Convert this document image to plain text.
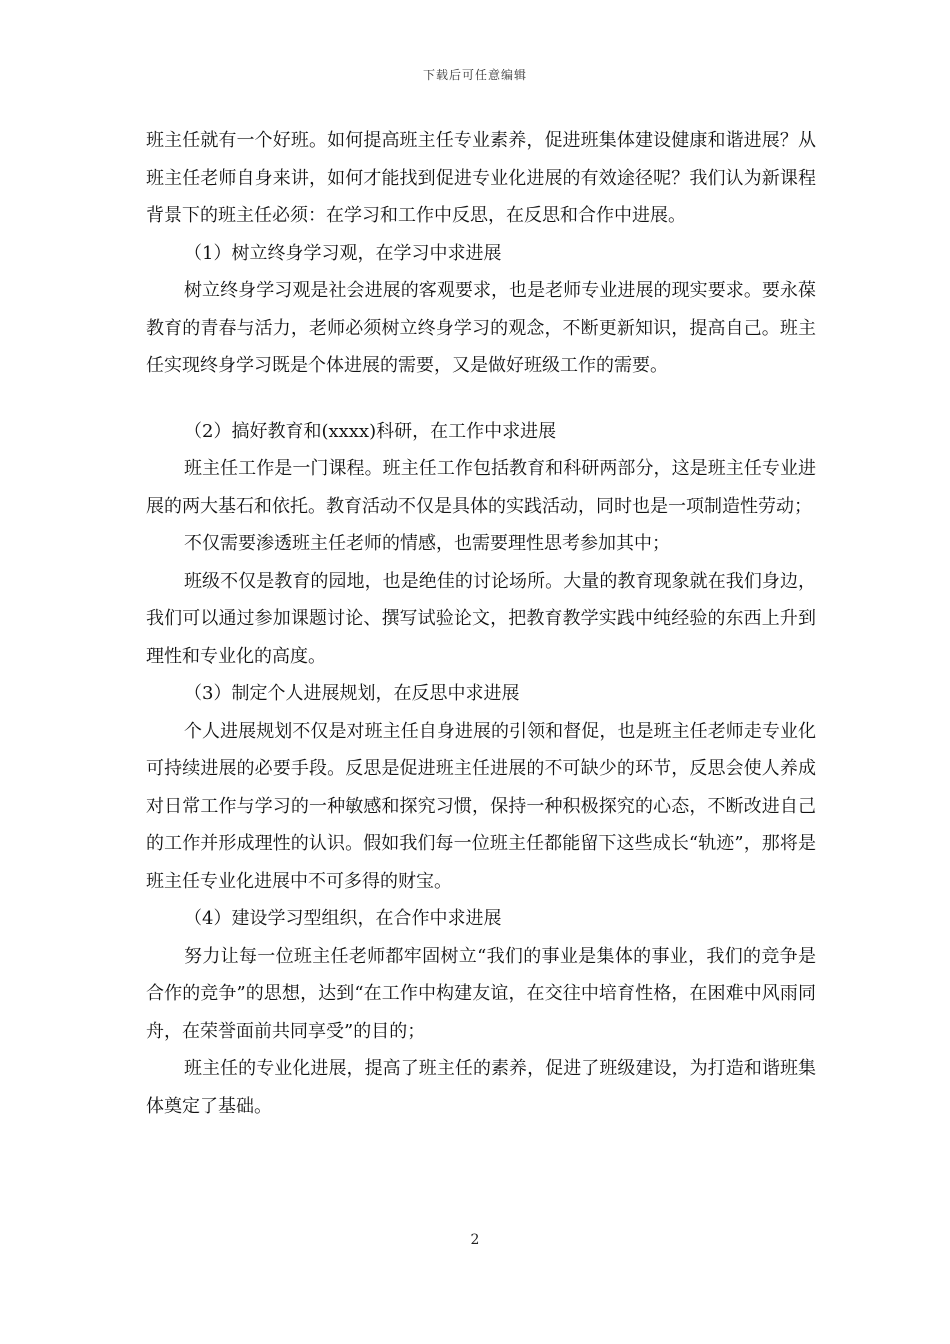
下载后可任意编辑

班主任就有一个好班。如何提高班主任专业素养，促进班集体建设健康和谐进展？从班主任老师自身来讲，如何才能找到促进专业化进展的有效途径呢？我们认为新课程背景下的班主任必须：在学习和工作中反思，在反思和合作中进展。

（1）树立终身学习观，在学习中求进展

树立终身学习观是社会进展的客观要求，也是老师专业进展的现实要求。要永葆教育的青春与活力，老师必须树立终身学习的观念，不断更新知识，提高自己。班主任实现终身学习既是个体进展的需要，又是做好班级工作的需要。

（2）搞好教育和(xxxx)科研，在工作中求进展

班主任工作是一门课程。班主任工作包括教育和科研两部分，这是班主任专业进展的两大基石和依托。教育活动不仅是具体的实践活动，同时也是一项制造性劳动；

不仅需要渗透班主任老师的情感，也需要理性思考参加其中；

班级不仅是教育的园地，也是绝佳的讨论场所。大量的教育现象就在我们身边，我们可以通过参加课题讨论、撰写试验论文，把教育教学实践中纯经验的东西上升到理性和专业化的高度。

（3）制定个人进展规划，在反思中求进展

个人进展规划不仅是对班主任自身进展的引领和督促，也是班主任老师走专业化可持续进展的必要手段。反思是促进班主任进展的不可缺少的环节，反思会使人养成对日常工作与学习的一种敏感和探究习惯，保持一种积极探究的心态，不断改进自己的工作并形成理性的认识。假如我们每一位班主任都能留下这些成长“轨迹”，那将是班主任专业化进展中不可多得的财宝。

（4）建设学习型组织，在合作中求进展

努力让每一位班主任老师都牢固树立“我们的事业是集体的事业，我们的竞争是合作的竞争”的思想，达到“在工作中构建友谊，在交往中培育性格，在困难中风雨同舟，在荣誉面前共同享受”的目的；

班主任的专业化进展，提高了班主任的素养，促进了班级建设，为打造和谐班集体奠定了基础。

2
